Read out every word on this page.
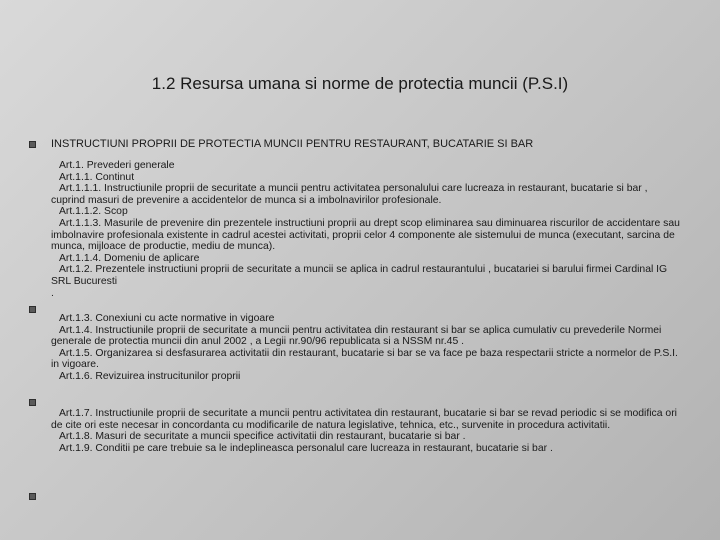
1.2 Resursa umana si norme de protectia muncii (P.S.I)

INSTRUCTIUNI PROPRII DE PROTECTIA MUNCII PENTRU RESTAURANT, BUCATARIE SI BAR

Art.1. Prevederi generale

Art.1.1. Continut

Art.1.1.1. Instructiunile proprii de securitate a muncii pentru activitatea personalului care lucreaza in restaurant, bucatarie si bar , cuprind masuri de prevenire a accidentelor de munca si a imbolnavirilor profesionale.

Art.1.1.2. Scop

Art.1.1.3. Masurile de prevenire din prezentele instructiuni proprii au drept scop eliminarea sau diminuarea riscurilor de accidentare sau imbolnavire profesionala existente in cadrul acestei activitati, proprii celor 4 componente ale sistemului de munca (executant, sarcina de munca, mijloace de productie, mediu de munca).

Art.1.1.4. Domeniu de aplicare

Art.1.2. Prezentele instructiuni proprii de securitate a muncii se aplica in cadrul restaurantului , bucatariei si barului firmei Cardinal IG SRL Bucuresti

.

Art.1.3. Conexiuni cu acte normative in vigoare

Art.1.4. Instructiunile proprii de securitate a muncii pentru activitatea din restaurant si bar se aplica cumulativ cu prevederile Normei generale de protectia muncii din anul 2002 , a Legii nr.90/96 republicata si a NSSM nr.45 .

Art.1.5. Organizarea si desfasurarea activitatii din restaurant, bucatarie si bar se va face pe baza respectarii stricte a normelor de P.S.I. in vigoare.

Art.1.6. Revizuirea instrucitunilor proprii

Art.1.7. Instructiunile proprii de securitate a muncii pentru activitatea din restaurant, bucatarie si bar se revad periodic si se modifica ori de cite ori este necesar in concordanta cu modificarile de natura legislative, tehnica, etc., survenite in procedura activitatii.

Art.1.8. Masuri de securitate a muncii specifice activitatii din restaurant, bucatarie si bar .

Art.1.9. Conditii pe care trebuie sa le indeplineasca personalul care lucreaza in restaurant, bucatarie si bar .
